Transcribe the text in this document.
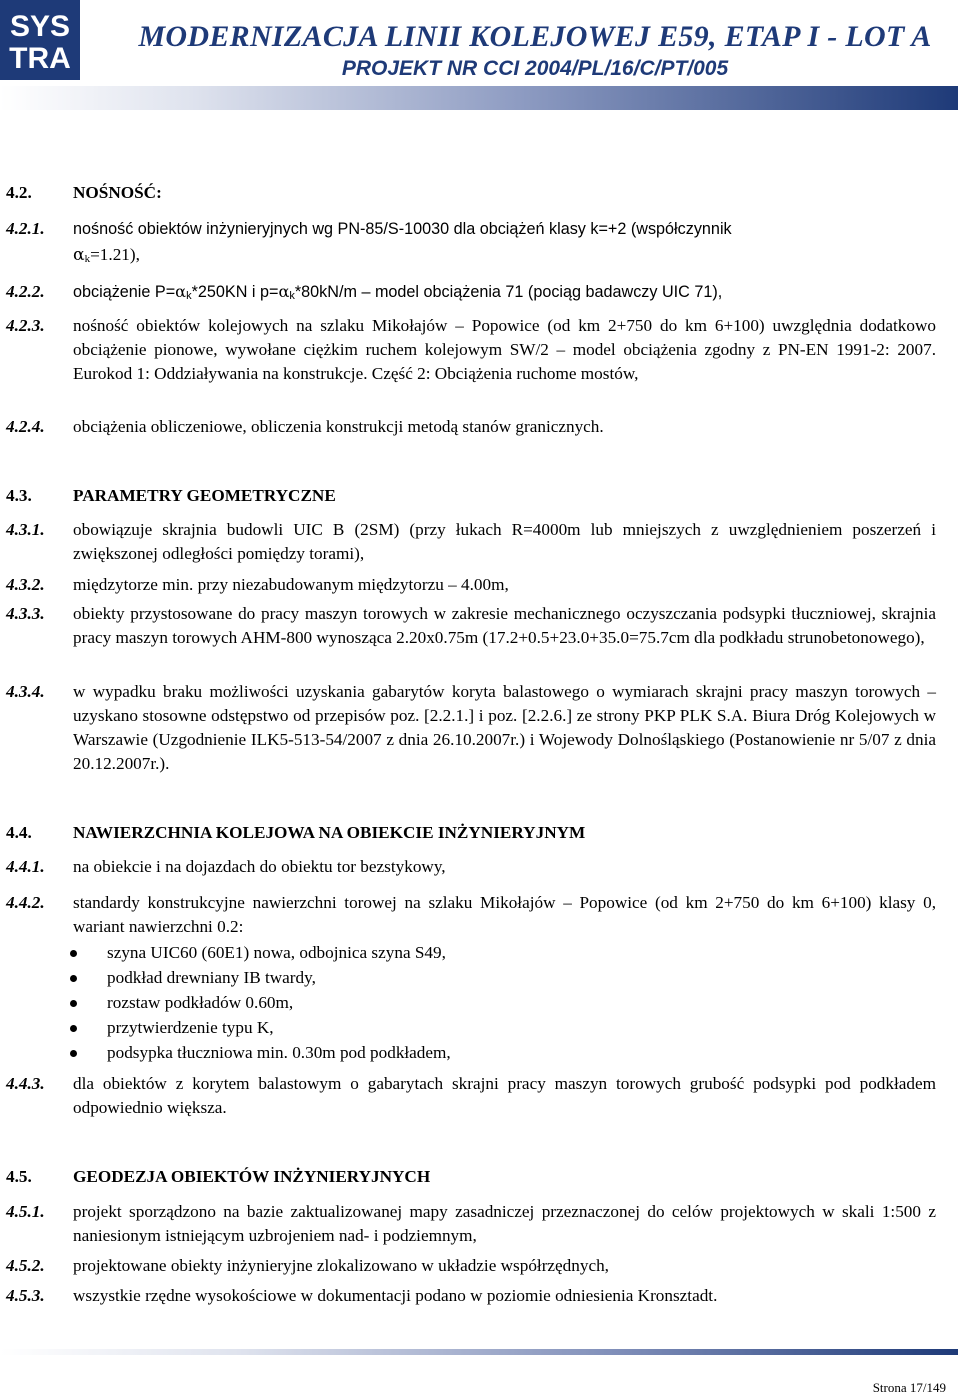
SYS
TRA
MODERNIZACJA LINII KOLEJOWEJ E59, ETAP I - LOT A
PROJEKT NR CCI 2004/PL/16/C/PT/005
4.2.	NOŚNOŚĆ:
4.2.1.	nośność obiektów inżynieryjnych wg PN-85/S-10030 dla obciążeń klasy k=+2 (współczynnik
αk=1.21),
4.2.2.	obciążenie P=αk*250KN i p=αk*80kN/m – model obciążenia 71 (pociąg badawczy UIC 71),
4.2.3.	nośność obiektów kolejowych na szlaku Mikołajów – Popowice (od km 2+750 do km 6+100) uwzględnia dodatkowo obciążenie pionowe, wywołane ciężkim ruchem kolejowym SW/2 – model obciążenia zgodny z PN-EN 1991-2: 2007. Eurokod 1: Oddziaływania na konstrukcje. Część 2: Obciążenia ruchome mostów,
4.2.4.	obciążenia obliczeniowe, obliczenia konstrukcji metodą stanów granicznych.
4.3.	PARAMETRY GEOMETRYCZNE
4.3.1.	obowiązuje skrajnia budowli UIC B (2SM) (przy łukach R=4000m lub mniejszych z uwzględnieniem poszerzeń i zwiększonej odległości pomiędzy torami),
4.3.2.	międzytorze min. przy niezabudowanym międzytorzu – 4.00m,
4.3.3.	obiekty przystosowane do pracy maszyn torowych w zakresie mechanicznego oczyszczania podsypki tłuczniowej, skrajnia pracy maszyn torowych AHM-800 wynosząca 2.20x0.75m (17.2+0.5+23.0+35.0=75.7cm dla podkładu strunobetonowego),
4.3.4.	w wypadku braku możliwości uzyskania gabarytów koryta balastowego o wymiarach skrajni pracy maszyn torowych – uzyskano stosowne odstępstwo od przepisów poz. [2.2.1.] i poz. [2.2.6.] ze strony PKP PLK S.A. Biura Dróg Kolejowych w Warszawie (Uzgodnienie ILK5-513-54/2007 z dnia 26.10.2007r.) i Wojewody Dolnośląskiego (Postanowienie nr 5/07 z dnia 20.12.2007r.).
4.4.	NAWIERZCHNIA KOLEJOWA NA OBIEKCIE INŻYNIERYJNYM
4.4.1.	na obiekcie i na dojazdach do obiektu tor bezstykowy,
4.4.2.	standardy konstrukcyjne nawierzchni torowej na szlaku Mikołajów – Popowice (od km 2+750 do km 6+100) klasy 0, wariant nawierzchni 0.2:
szyna UIC60 (60E1) nowa, odbojnica szyna S49,
podkład drewniany IB twardy,
rozstaw podkładów 0.60m,
przytwierdzenie typu K,
podsypka tłuczniowa min. 0.30m pod podkładem,
4.4.3.	dla obiektów z korytem balastowym o gabarytach skrajni pracy maszyn torowych grubość podsypki pod podkładem odpowiednio większa.
4.5.	GEODEZJA OBIEKTÓW INŻYNIERYJNYCH
4.5.1.	projekt sporządzono na bazie zaktualizowanej mapy zasadniczej przeznaczonej do celów projektowych w skali 1:500 z naniesionym istniejącym uzbrojeniem nad- i podziemnym,
4.5.2.	projektowane obiekty inżynieryjne zlokalizowano w układzie współrzędnych,
4.5.3.	wszystkie rzędne wysokościowe w dokumentacji podano w poziomie odniesienia Kronsztadt.
Strona 17/149
